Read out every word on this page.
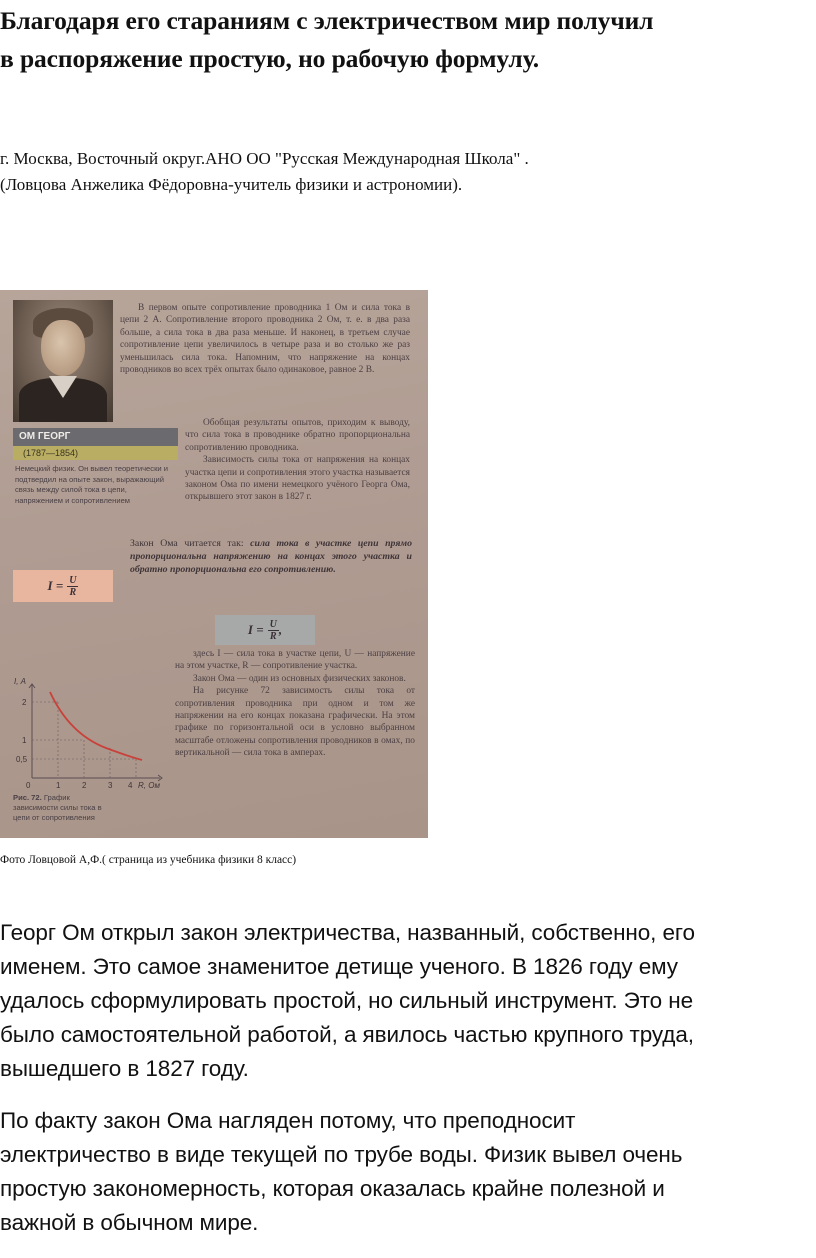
Благодаря его стараниям с электричеством мир получил
в распоряжение простую, но рабочую формулу.
г. Москва, Восточный округ.АНО ОО "Русская Международная Школа" .
(Ловцова Анжелика Фёдоровна-учитель физики и астрономии).
ОМ ГЕОРГ
(1787—1854)
Немецкий физик. Он вывел теоретически и подтвердил на опыте закон, выражающий связь между силой тока в цепи, напряжением и сопротивлением

В первом опыте сопротивление проводника 1 Ом и сила тока в цепи 2 А. Сопротивление второго проводника 2 Ом, т. е. в два раза больше, а сила тока в два раза меньше. И наконец, в третьем случае сопротивление цепи увеличилось в четыре раза и во столько же раз уменьшилась сила тока. Напомним, что напряжение на концах проводников во всех трёх опытах было одинаковое, равное 2 В.

Обобщая результаты опытов, приходим к выводу, что сила тока в проводнике обратно пропорциональна сопротивлению проводника.

Зависимость силы тока от напряжения на концах участка цепи и сопротивления этого участка называется законом Ома по имени немецкого учёного Георга Ома, открывшего этот закон в 1827 г.

Закон Ома читается так: сила тока в участке цепи прямо пропорциональна напряжению на концах этого участка и обратно пропорциональна его сопротивлению.
$I = \frac{U}{R}$
$I = \frac{U}{R}$ ,

здесь I — сила тока в участке цепи, U — напряжение на этом участке, R — сопротивление участка.

Закон Ома — один из основных физических законов.

На рисунке 72 зависимость силы тока от сопротивления проводника при одном и том же напряжении на его концах показана графически. На этом графике по горизонтальной оси в условно выбранном масштабе отложены сопротивления проводников в омах, по вертикальной — сила тока в амперах.

I, А
R, Ом
2
1
0,5
0	1	2	3 4
Рис. 72. График зависимости силы тока в цепи от сопротивления
Фото Ловцовой А,Ф.( страница из учебника физики 8 класс)

Георг Ом открыл закон электричества, названный, собственно, его
именем. Это самое знаменитое детище ученого. В 1826 году ему
удалось сформулировать простой, но сильный инструмент. Это не
было самостоятельной работой, а явилось частью крупного труда,
вышедшего в 1827 году.

По факту закон Ома нагляден потому, что преподносит
электричество в виде текущей по трубе воды. Физик вывел очень
простую закономерность, которая оказалась крайне полезной и
важной в обычном мире.
